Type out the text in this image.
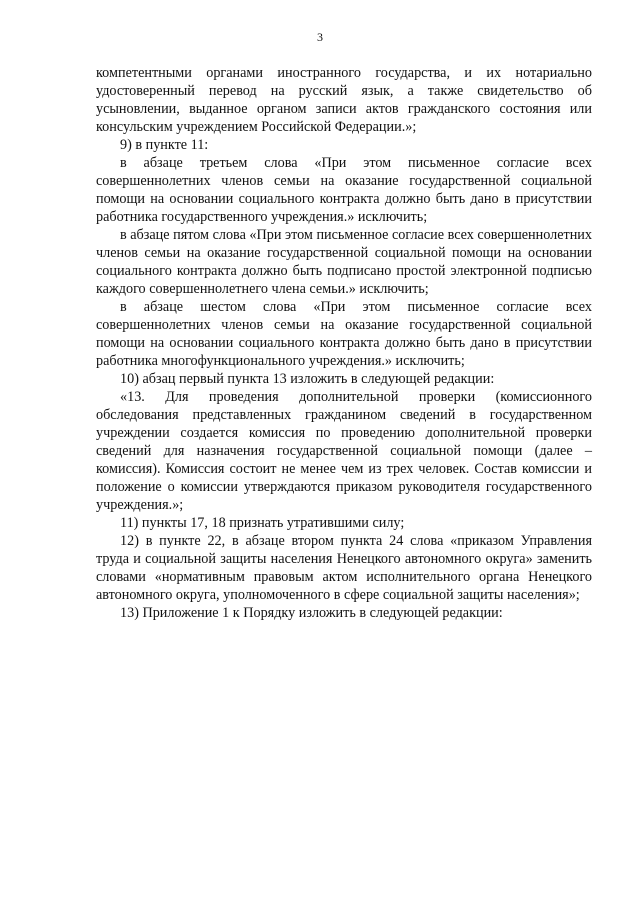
3

компетентными органами иностранного государства, и их нотариально удостоверенный перевод на русский язык, а также свидетельство об усыновлении, выданное органом записи актов гражданского состояния или консульским учреждением Российской Федерации.»;

9) в пункте 11:

в абзаце третьем слова «При этом письменное согласие всех совершеннолетних членов семьи на оказание государственной социальной помощи на основании социального контракта должно быть дано в присутствии работника государственного учреждения.» исключить;

в абзаце пятом слова «При этом письменное согласие всех совершеннолетних членов семьи на оказание государственной социальной помощи на основании социального контракта должно быть подписано простой электронной подписью каждого совершеннолетнего члена семьи.» исключить;

в абзаце шестом слова «При этом письменное согласие всех совершеннолетних членов семьи на оказание государственной социальной помощи на основании социального контракта должно быть дано в присутствии работника многофункционального учреждения.» исключить;

10) абзац первый пункта 13 изложить в следующей редакции:

«13. Для проведения дополнительной проверки (комиссионного обследования представленных гражданином сведений в государственном учреждении создается комиссия по проведению дополнительной проверки сведений для назначения государственной социальной помощи (далее – комиссия). Комиссия состоит не менее чем из трех человек. Состав комиссии и положение о комиссии утверждаются приказом руководителя государственного учреждения.»;

11) пункты 17, 18 признать утратившими силу;

12) в пункте 22, в абзаце втором пункта 24 слова «приказом Управления труда и социальной защиты населения Ненецкого автономного округа» заменить словами «нормативным правовым актом исполнительного органа Ненецкого автономного округа, уполномоченного в сфере социальной защиты населения»;

13) Приложение 1 к Порядку изложить в следующей редакции:
